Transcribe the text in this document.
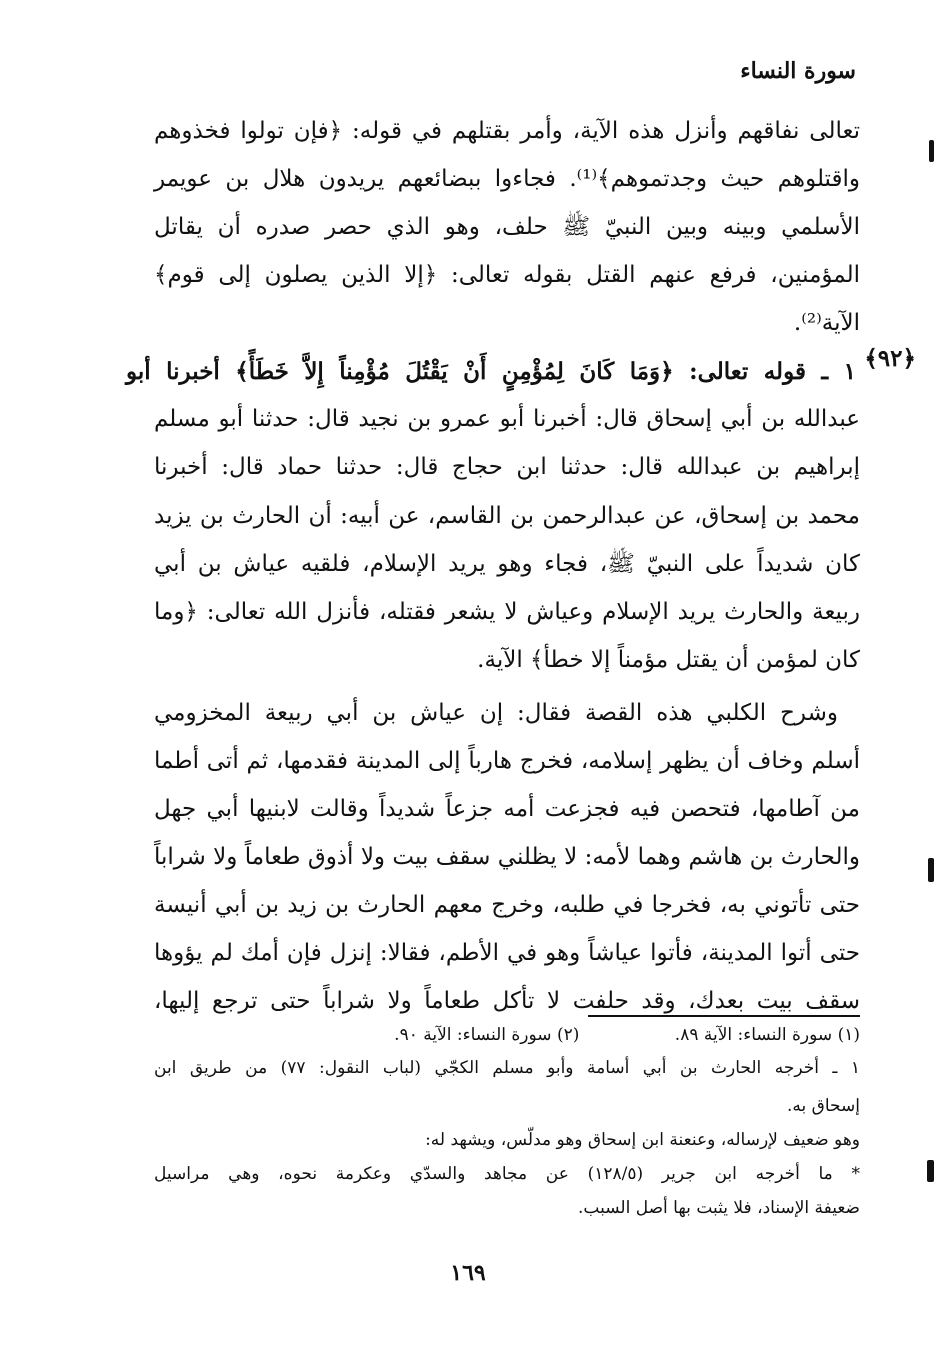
سورة النساء
تعالى نفاقهم وأنزل هذه الآية، وأمر بقتلهم في قوله: ﴿فإن تولوا فخذوهم
واقتلوهم حيث وجدتموهم﴾⁽¹⁾. فجاءوا ببضائعهم يريدون هلال بن عويمر
الأسلمي وبينه وبين النبيّ ﷺ حلف، وهو الذي حصر صدره أن يقاتل
المؤمنين، فرفع عنهم القتل بقوله تعالى: ﴿إلا الذين يصلون إلى قوم﴾
الآية⁽²⁾.
﴿٩٢﴾
١ ـ قوله تعالى: ﴿وَمَا كَانَ لِمُؤْمِنٍ أَنْ يَقْتُلَ مُؤْمِناً إِلاَّ خَطَأً﴾ أخبرنا أبو
عبدالله بن أبي إسحاق قال: أخبرنا أبو عمرو بن نجيد قال: حدثنا أبو مسلم
إبراهيم بن عبدالله قال: حدثنا ابن حجاج قال: حدثنا حماد قال: أخبرنا
محمد بن إسحاق، عن عبدالرحمن بن القاسم، عن أبيه: أن الحارث بن يزيد
كان شديداً على النبيّ ﷺ، فجاء وهو يريد الإسلام، فلقيه عياش بن أبي
ربيعة والحارث يريد الإسلام وعياش لا يشعر فقتله، فأنزل الله تعالى: ﴿وما
كان لمؤمن أن يقتل مؤمناً إلا خطأ﴾ الآية.
وشرح الكلبي هذه القصة فقال: إن عياش بن أبي ربيعة المخزومي
أسلم وخاف أن يظهر إسلامه، فخرج هارباً إلى المدينة فقدمها، ثم أتى أطما
من آطامها، فتحصن فيه فجزعت أمه جزعاً شديداً وقالت لابنيها أبي جهل
والحارث بن هاشم وهما لأمه: لا يظلني سقف بيت ولا أذوق طعاماً ولا شراباً
حتى تأتوني به، فخرجا في طلبه، وخرج معهم الحارث بن زيد بن أبي أنيسة
حتى أتوا المدينة، فأتوا عياشاً وهو في الأطم، فقالا: إنزل فإن أمك لم يؤوها
سقف بيت بعدك، وقد حلفت لا تأكل طعاماً ولا شراباً حتى ترجع إليها،
(١) سورة النساء: الآية ٨٩. (٢) سورة النساء: الآية ٩٠.
١ ـ أخرجه الحارث بن أبي أسامة وأبو مسلم الكجّي (لباب النقول: ٧٧) من طريق ابن
إسحاق به.
وهو ضعيف لإرساله، وعنعنة ابن إسحاق وهو مدلّس، ويشهد له:
* ما أخرجه ابن جرير (١٢٨/٥) عن مجاهد والسدّي وعكرمة نحوه، وهي مراسيل
ضعيفة الإسناد، فلا يثبت بها أصل السبب.
١٦٩
